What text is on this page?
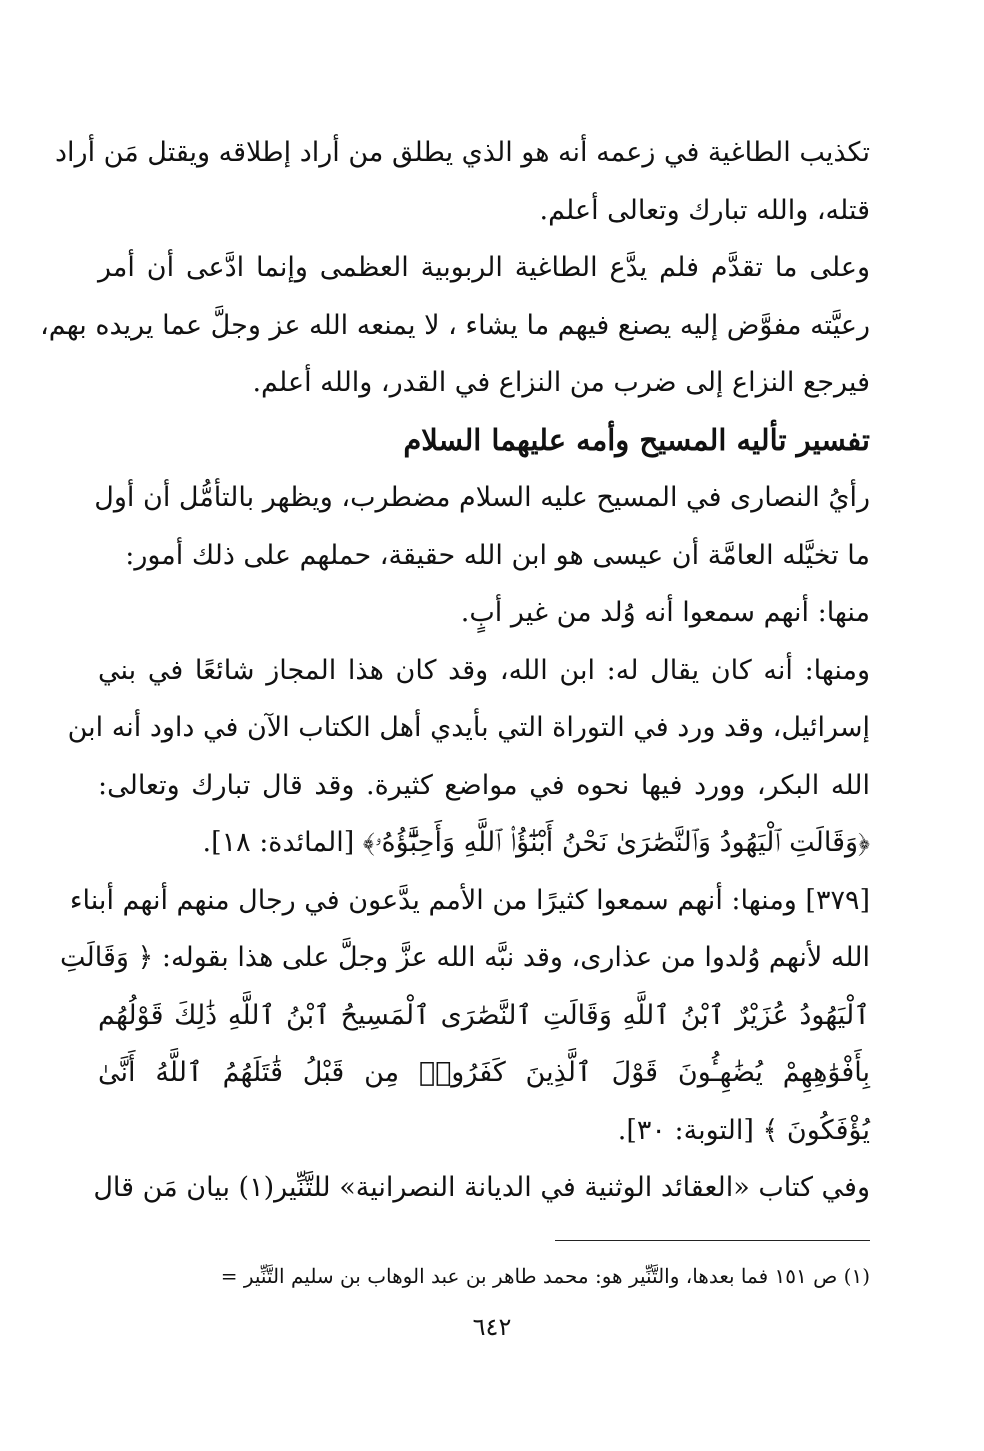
تكذيب الطاغية في زعمه أنه هو الذي يطلق من أراد إطلاقه ويقتل مَن أراد
قتله، والله تبارك وتعالى أعلم.
وعلى ما تقدَّم فلم يدَّع الطاغية الربوبية العظمى وإنما ادَّعى أن أمر
رعيَّته مفوَّض إليه يصنع فيهم ما يشاء ، لا يمنعه الله عز وجلَّ عما يريده بهم،
فيرجع النزاع إلى ضرب من النزاع في القدر، والله أعلم.
تفسير تأليه المسيح وأمه عليهما السلام
رأيُ النصارى في المسيح عليه السلام مضطرب، ويظهر بالتأمُّل أن أول
ما تخيَّله العامَّة أن عيسى هو ابن الله حقيقة، حملهم على ذلك أمور:
منها: أنهم سمعوا أنه وُلد من غير أبٍ.
ومنها: أنه كان يقال له: ابن الله، وقد كان هذا المجاز شائعًا في بني
إسرائيل، وقد ورد في التوراة التي بأيدي أهل الكتاب الآن في داود أنه ابن
الله البكر، وورد فيها نحوه في مواضع كثيرة. وقد قال تبارك وتعالى:
﴿وَقَالَتِ ٱلْيَهُودُ وَٱلنَّصَٰرَىٰ نَحْنُ أَبْنَٰٓؤُا۟ ٱللَّهِ وَأَحِبَّٰٓؤُهُۥ﴾ [المائدة: ١٨].
[٣٧٩] ومنها: أنهم سمعوا كثيرًا من الأمم يدَّعون في رجال منهم أنهم أبناء
الله لأنهم وُلدوا من عذارى، وقد نبَّه الله عزَّ وجلَّ على هذا بقوله: ﴿ وَقَالَتِ
ٱلْيَهُودُ عُزَيْرٌ ٱبْنُ ٱللَّهِ وَقَالَتِ ٱلنَّصَٰرَى ٱلْمَسِيحُ ٱبْنُ ٱللَّهِ ذَٰلِكَ قَوْلُهُم
بِأَفْوَٰهِهِمْ يُضَٰهِـُٔونَ قَوْلَ ٱلَّذِينَ كَفَرُوا۟ مِن قَبْلُ قَٰتَلَهُمُ ٱللَّهُ أَنَّىٰ
يُؤْفَكُونَ ﴾ [التوبة: ٣٠].
وفي كتاب «العقائد الوثنية في الديانة النصرانية» للتَّنِّير(١) بيان مَن قال
(١) ص ١٥١ فما بعدها، والتَّنِّير هو: محمد طاهر بن عبد الوهاب بن سليم التَّنِّير =
٦٤٢
